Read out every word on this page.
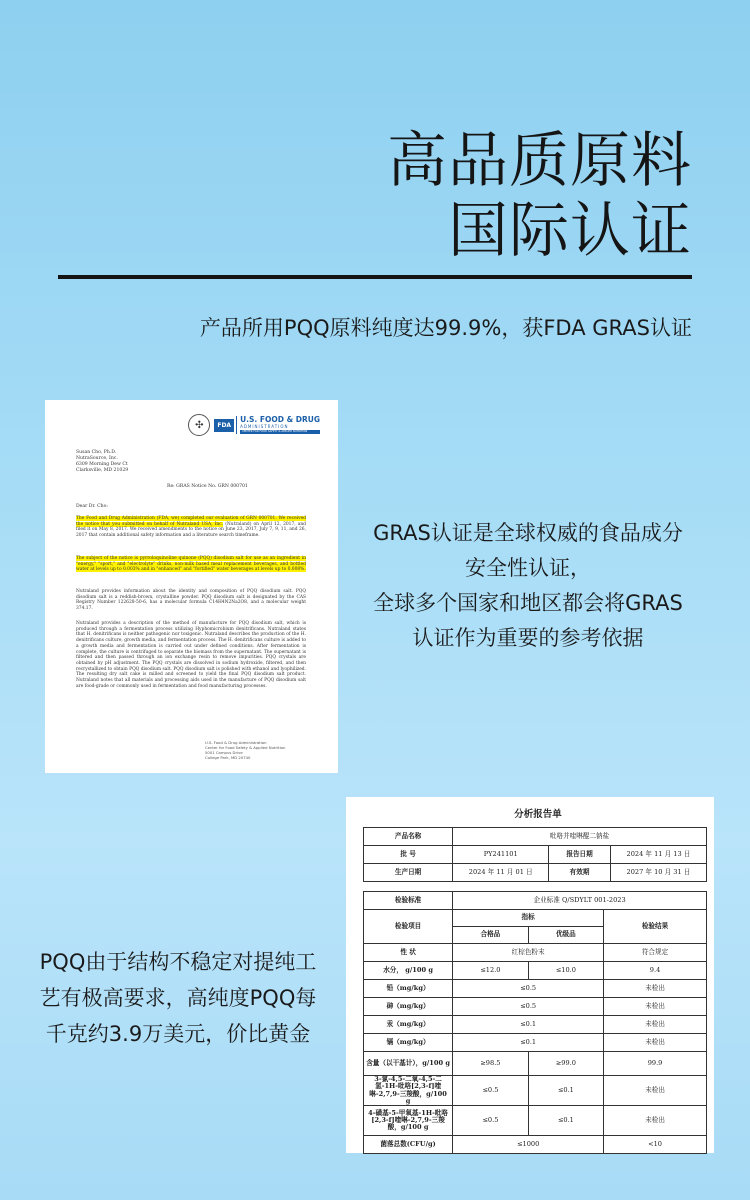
高品质原料
国际认证

产品所用PQQ原料纯度达99.9%，获FDA GRAS认证

✣	FDA
U.S. FOOD & DRUG
ADMINISTRATION
CENTER FOR FOOD SAFETY & APPLIED NUTRITION
Susan Cho, Ph.D.
NutraSource, Inc.
6309 Morning Dew Ct
Clarksville, MD 21029
Re: GRAS Notice No. GRN 000701
Dear Dr. Cho:
The Food and Drug Administration (FDA, we) completed our evaluation of GRN 000701. We received the notice that you submitted on behalf of Nutraland USA, Inc. (Nutraland) on April 12, 2017, and filed it on May 8, 2017. We received amendments to the notice on June 23, 2017, July 7, 9, 11, and 26, 2017 that contain additional safety information and a literature search timeframe.
The subject of the notice is pyrroloquinoline quinone (PQQ) disodium salt for use as an ingredient in "energy," "sport," and "electrolyte" drinks, non-milk based meal replacement beverages, and bottled water at levels up to 0.003% and in "enhanced" and "fortified" water beverages at levels up to 0.008%.
Nutraland provides information about the identity and composition of PQQ disodium salt. PQQ disodium salt is a reddish-brown, crystalline powder. PQQ disodium salt is designated by the CAS Registry Number 122628-50-6, has a molecular formula C14H4N2Na2O8, and a molecular weight 374.17.
Nutraland provides a description of the method of manufacture for PQQ disodium salt, which is produced through a fermentation process utilizing Hyphomicrobium denitrificans. Nutraland states that H. denitrificans is neither pathogenic nor toxigenic. Nutraland describes the production of the H. denitrificans culture, growth media, and fermentation process. The H. denitrificans culture is added to a growth media and fermentation is carried out under defined conditions. After fermentation is complete, the culture is centrifuged to separate the biomass from the supernatant. The supernatant is filtered and then passed through an ion exchange resin to remove impurities. PQQ crystals are obtained by pH adjustment. The PQQ crystals are dissolved in sodium hydroxide, filtered, and then recrystallized to obtain PQQ disodium salt. PQQ disodium salt is polished with ethanol and lyophilized. The resulting dry salt cake is milled and screened to yield the final PQQ disodium salt product. Nutraland notes that all materials and processing aids used in the manufacture of PQQ disodium salt are food-grade or commonly used in fermentation and food manufacturing processes.
U.S. Food & Drug Administration
Center for Food Safety & Applied Nutrition
5001 Campus Drive
College Park, MD 20740
GRAS认证是全球权威的食品成分
安全性认证，
全球多个国家和地区都会将GRAS
认证作为重要的参考依据
PQQ由于结构不稳定对提纯工
艺有极高要求，高纯度PQQ每
千克约3.9万美元，价比黄金
分析报告单
产品名称	吡咯并喹啉醌二钠盐		
批 号	PY241101	报告日期	2024 年 11 月 13 日
生产日期	2024 年 11 月 01 日	有效期	2027 年 10 月 31 日
检验标准	企业标准 Q/SDYLT 001-2023		
检验项目	指标		检验结果
	合格品	优级品	
性 状	红棕色粉末		符合规定
水分， g/100 g	≤12.0	≤10.0	9.4
铅（mg/kg）	≤0.5		未检出
砷（mg/kg）	≤0.5		未检出
汞（mg/kg）	≤0.1		未检出
镉（mg/kg）	≤0.1		未检出
含量（以干基计），g/100 g	≥98.5	≥99.0	99.9
3-氯-4,5-二氧-4,5-二氢-1H-吡咯[2,3-f]喹啉-2,7,9-三羧酸，g/100 g	≤0.5	≤0.1	未检出
4-磺基-5-甲氧基-1H-吡咯[2,3-f]喹啉-2,7,9-三羧酸，g/100 g	≤0.5	≤0.1	未检出
菌落总数(CFU/g)	≤1000		<10
